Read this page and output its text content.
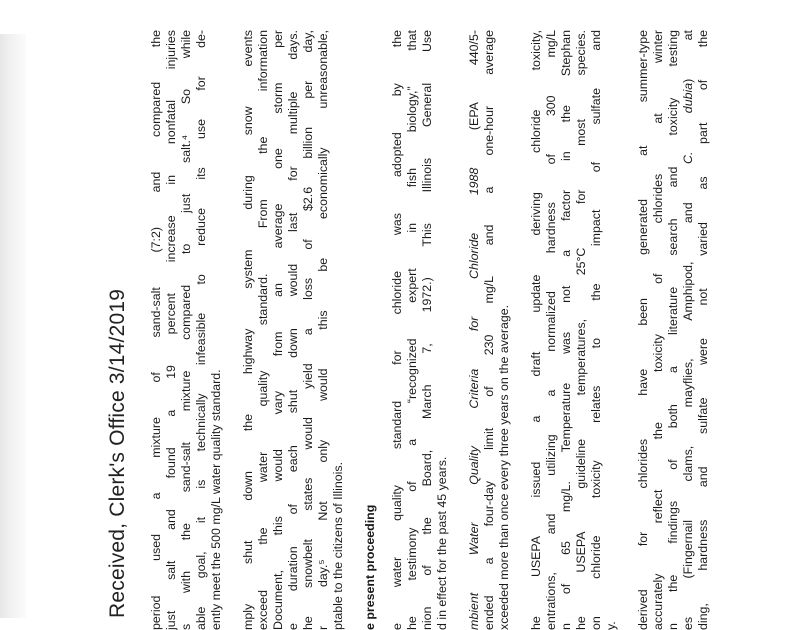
Received, Clerk's Office 3/14/2019 period used a mixture of sand-salt (7:2) and compared the just salt and found a 19 percent increase in nonfatal injuries s with the sand-salt mixture compared to just salt.⁴ So while able goal, it is technically infeasible to reduce its use for de- ently meet the 500 mg/L water quality standard. mply shut down the highway system during snow events exceed the water quality standard. From the information Document, this would vary from an average one storm per e duration of each shut down would last for multiple days. he snowbelt states would yield a loss of $2.6 billion per day, r day.⁵ Not only would this be economically unreasonable, ptable to the citizens of Illinois. e present proceeding e water quality standard for chloride was adopted by the he testimony of a “recognized expert in fish biology,” that nion of the Board, March 7, 1972.) This Illinois General Use d in effect for the past 45 years. mbient Water Quality Criteria for Chloride 1988 (EPA 440/5- ended a four-day limit of 230 mg/L and a one-hour average xceeded more than once every three years on the average. he USEPA issued a draft update deriving chloride toxicity, entrations, and utilizing a normalized hardness of 300 mg/L n of 65 mg/L. Temperature was not a factor in the Stephan he USEPA guideline temperatures, 25°C for most species. on chloride toxicity relates to the impact of sulfate and y. derived for chlorides have been generated at summer-type accurately reflect the toxicity of chlorides at winter n the findings of both a literature search and toxicity testing es (Fingernail clams, mayflies, Amphipod, and C. dubia) at ding, hardness and sulfate were not varied as part of the
